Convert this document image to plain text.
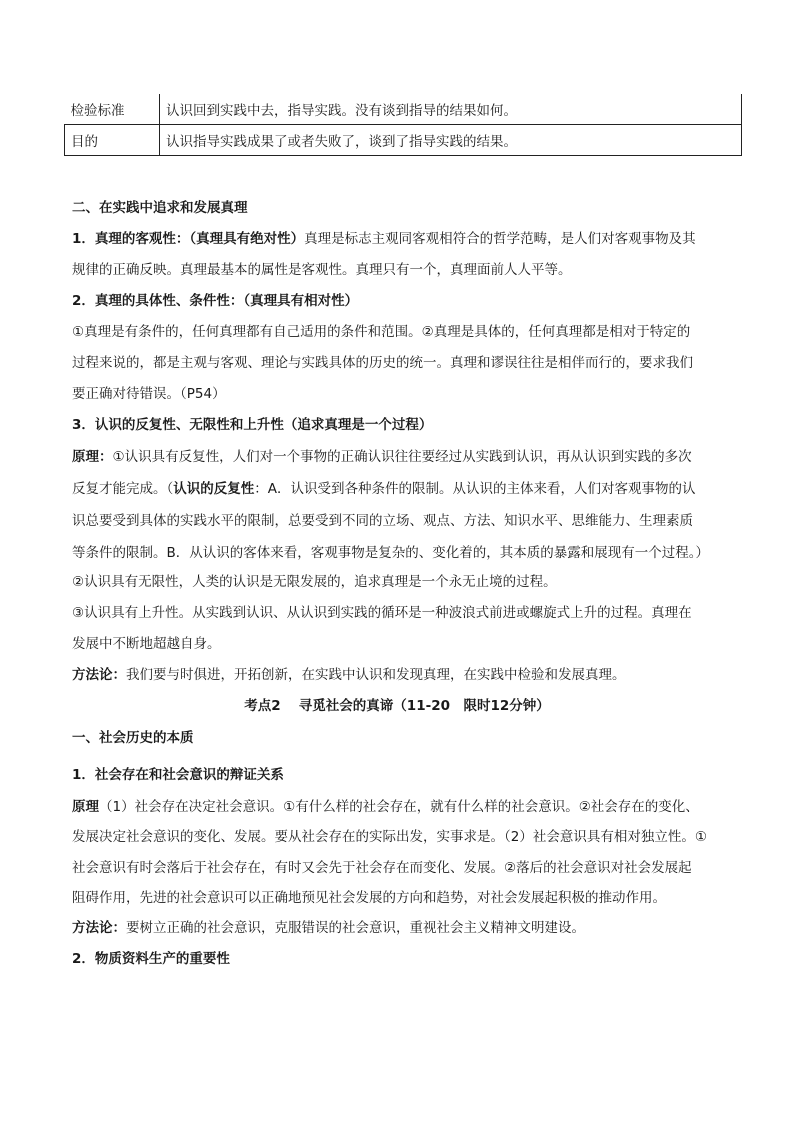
检验标准	认识回到实践中去，指导实践。没有谈到指导的结果如何。
目的	认识指导实践成果了或者失败了，谈到了指导实践的结果。
二、在实践中追求和发展真理
1．真理的客观性：（真理具有绝对性）真理是标志主观同客观相符合的哲学范畴，是人们对客观事物及其
规律的正确反映。真理最基本的属性是客观性。真理只有一个，真理面前人人平等。
2．真理的具体性、条件性：（真理具有相对性）
①真理是有条件的，任何真理都有自己适用的条件和范围。②真理是具体的，任何真理都是相对于特定的
过程来说的，都是主观与客观、理论与实践具体的历史的统一。真理和谬误往往是相伴而行的，要求我们
要正确对待错误。（P54）
3．认识的反复性、无限性和上升性（追求真理是一个过程）
原理：①认识具有反复性，人们对一个事物的正确认识往往要经过从实践到认识，再从认识到实践的多次
反复才能完成。（认识的反复性：A．认识受到各种条件的限制。从认识的主体来看，人们对客观事物的认
识总要受到具体的实践水平的限制，总要受到不同的立场、观点、方法、知识水平、思维能力、生理素质
等条件的限制。B．从认识的客体来看，客观事物是复杂的、变化着的，其本质的暴露和展现有一个过程。）
②认识具有无限性，人类的认识是无限发展的，追求真理是一个永无止境的过程。
③认识具有上升性。从实践到认识、从认识到实践的循环是一种波浪式前进或螺旋式上升的过程。真理在
发展中不断地超越自身。
方法论：我们要与时俱进，开拓创新，在实践中认识和发现真理，在实践中检验和发展真理。
考点2　 寻觅社会的真谛（11-20　限时12分钟）
一、社会历史的本质
1．社会存在和社会意识的辩证关系
原理（1）社会存在决定社会意识。①有什么样的社会存在，就有什么样的社会意识。②社会存在的变化、
发展决定社会意识的变化、发展。要从社会存在的实际出发，实事求是。（2）社会意识具有相对独立性。①
社会意识有时会落后于社会存在，有时又会先于社会存在而变化、发展。②落后的社会意识对社会发展起
阻碍作用，先进的社会意识可以正确地预见社会发展的方向和趋势，对社会发展起积极的推动作用。
方法论：要树立正确的社会意识，克服错误的社会意识，重视社会主义精神文明建设。
2．物质资料生产的重要性
